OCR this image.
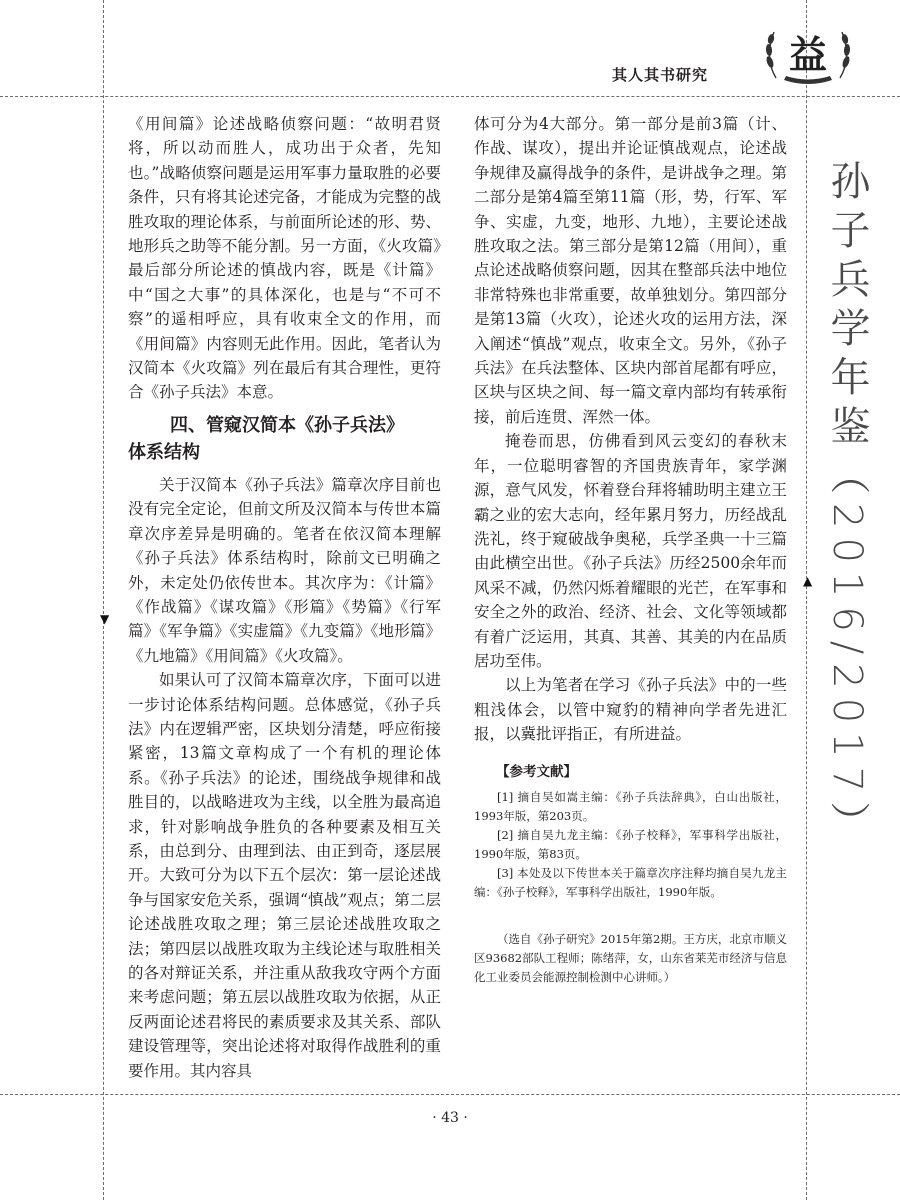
其人其书研究 益
孙子兵学年鉴（2016/2017）
▼
▲

《用间篇》论述战略侦察问题：“故明君贤将，所以动而胜人，成功出于众者，先知也。”战略侦察问题是运用军事力量取胜的必要条件，只有将其论述完备，才能成为完整的战胜攻取的理论体系，与前面所论述的形、势、地形兵之助等不能分割。另一方面，《火攻篇》最后部分所论述的慎战内容，既是《计篇》中“国之大事”的具体深化，也是与“不可不察”的遥相呼应，具有收束全文的作用，而《用间篇》内容则无此作用。因此，笔者认为汉简本《火攻篇》列在最后有其合理性，更符合《孙子兵法》本意。

四、管窥汉简本《孙子兵法》
体系结构

关于汉简本《孙子兵法》篇章次序目前也没有完全定论，但前文所及汉简本与传世本篇章次序差异是明确的。笔者在依汉简本理解《孙子兵法》体系结构时，除前文已明确之外，未定处仍依传世本。其次序为：《计篇》《作战篇》《谋攻篇》《形篇》《势篇》《行军篇》《军争篇》《实虚篇》《九变篇》《地形篇》《九地篇》《用间篇》《火攻篇》。

如果认可了汉简本篇章次序，下面可以进一步讨论体系结构问题。总体感觉，《孙子兵法》内在逻辑严密，区块划分清楚，呼应衔接紧密，13篇文章构成了一个有机的理论体系。《孙子兵法》的论述，围绕战争规律和战胜目的，以战略进攻为主线，以全胜为最高追求，针对影响战争胜负的各种要素及相互关系，由总到分、由理到法、由正到奇，逐层展开。大致可分为以下五个层次：第一层论述战争与国家安危关系，强调“慎战”观点；第二层论述战胜攻取之理；第三层论述战胜攻取之法；第四层以战胜攻取为主线论述与取胜相关的各对辩证关系，并注重从敌我攻守两个方面来考虑问题；第五层以战胜攻取为依据，从正反两面论述君将民的素质要求及其关系、部队建设管理等，突出论述将对取得作战胜利的重要作用。其内容具

体可分为4大部分。第一部分是前3篇（计、作战、谋攻），提出并论证慎战观点，论述战争规律及赢得战争的条件，是讲战争之理。第二部分是第4篇至第11篇（形，势，行军、军争、实虚，九变，地形、九地），主要论述战胜攻取之法。第三部分是第12篇（用间），重点论述战略侦察问题，因其在整部兵法中地位非常特殊也非常重要，故单独划分。第四部分是第13篇（火攻），论述火攻的运用方法，深入阐述“慎战”观点，收束全文。另外，《孙子兵法》在兵法整体、区块内部首尾都有呼应，区块与区块之间、每一篇文章内部均有转承衔接，前后连贯、浑然一体。

掩卷而思，仿佛看到风云变幻的春秋末年，一位聪明睿智的齐国贵族青年，家学渊源，意气风发，怀着登台拜将辅助明主建立王霸之业的宏大志向，经年累月努力，历经战乱洗礼，终于窥破战争奥秘，兵学圣典一十三篇由此横空出世。《孙子兵法》历经2500余年而风采不减，仍然闪烁着耀眼的光芒，在军事和安全之外的政治、经济、社会、文化等领域都有着广泛运用，其真、其善、其美的内在品质居功至伟。

以上为笔者在学习《孙子兵法》中的一些粗浅体会，以管中窥豹的精神向学者先进汇报，以冀批评指正，有所进益。

【参考文献】
[1] 摘自吴如嵩主编：《孙子兵法辞典》，白山出版社，1993年版，第203页。
[2] 摘自吴九龙主编：《孙子校释》，军事科学出版社，1990年版，第83页。
[3] 本处及以下传世本关于篇章次序注释均摘自吴九龙主编：《孙子校释》，军事科学出版社，1990年版。
（选自《孙子研究》2015年第2期。王方庆，北京市顺义区93682部队工程师；陈绪萍，女，山东省莱芜市经济与信息化工业委员会能源控制检测中心讲师。）
· 43 ·
